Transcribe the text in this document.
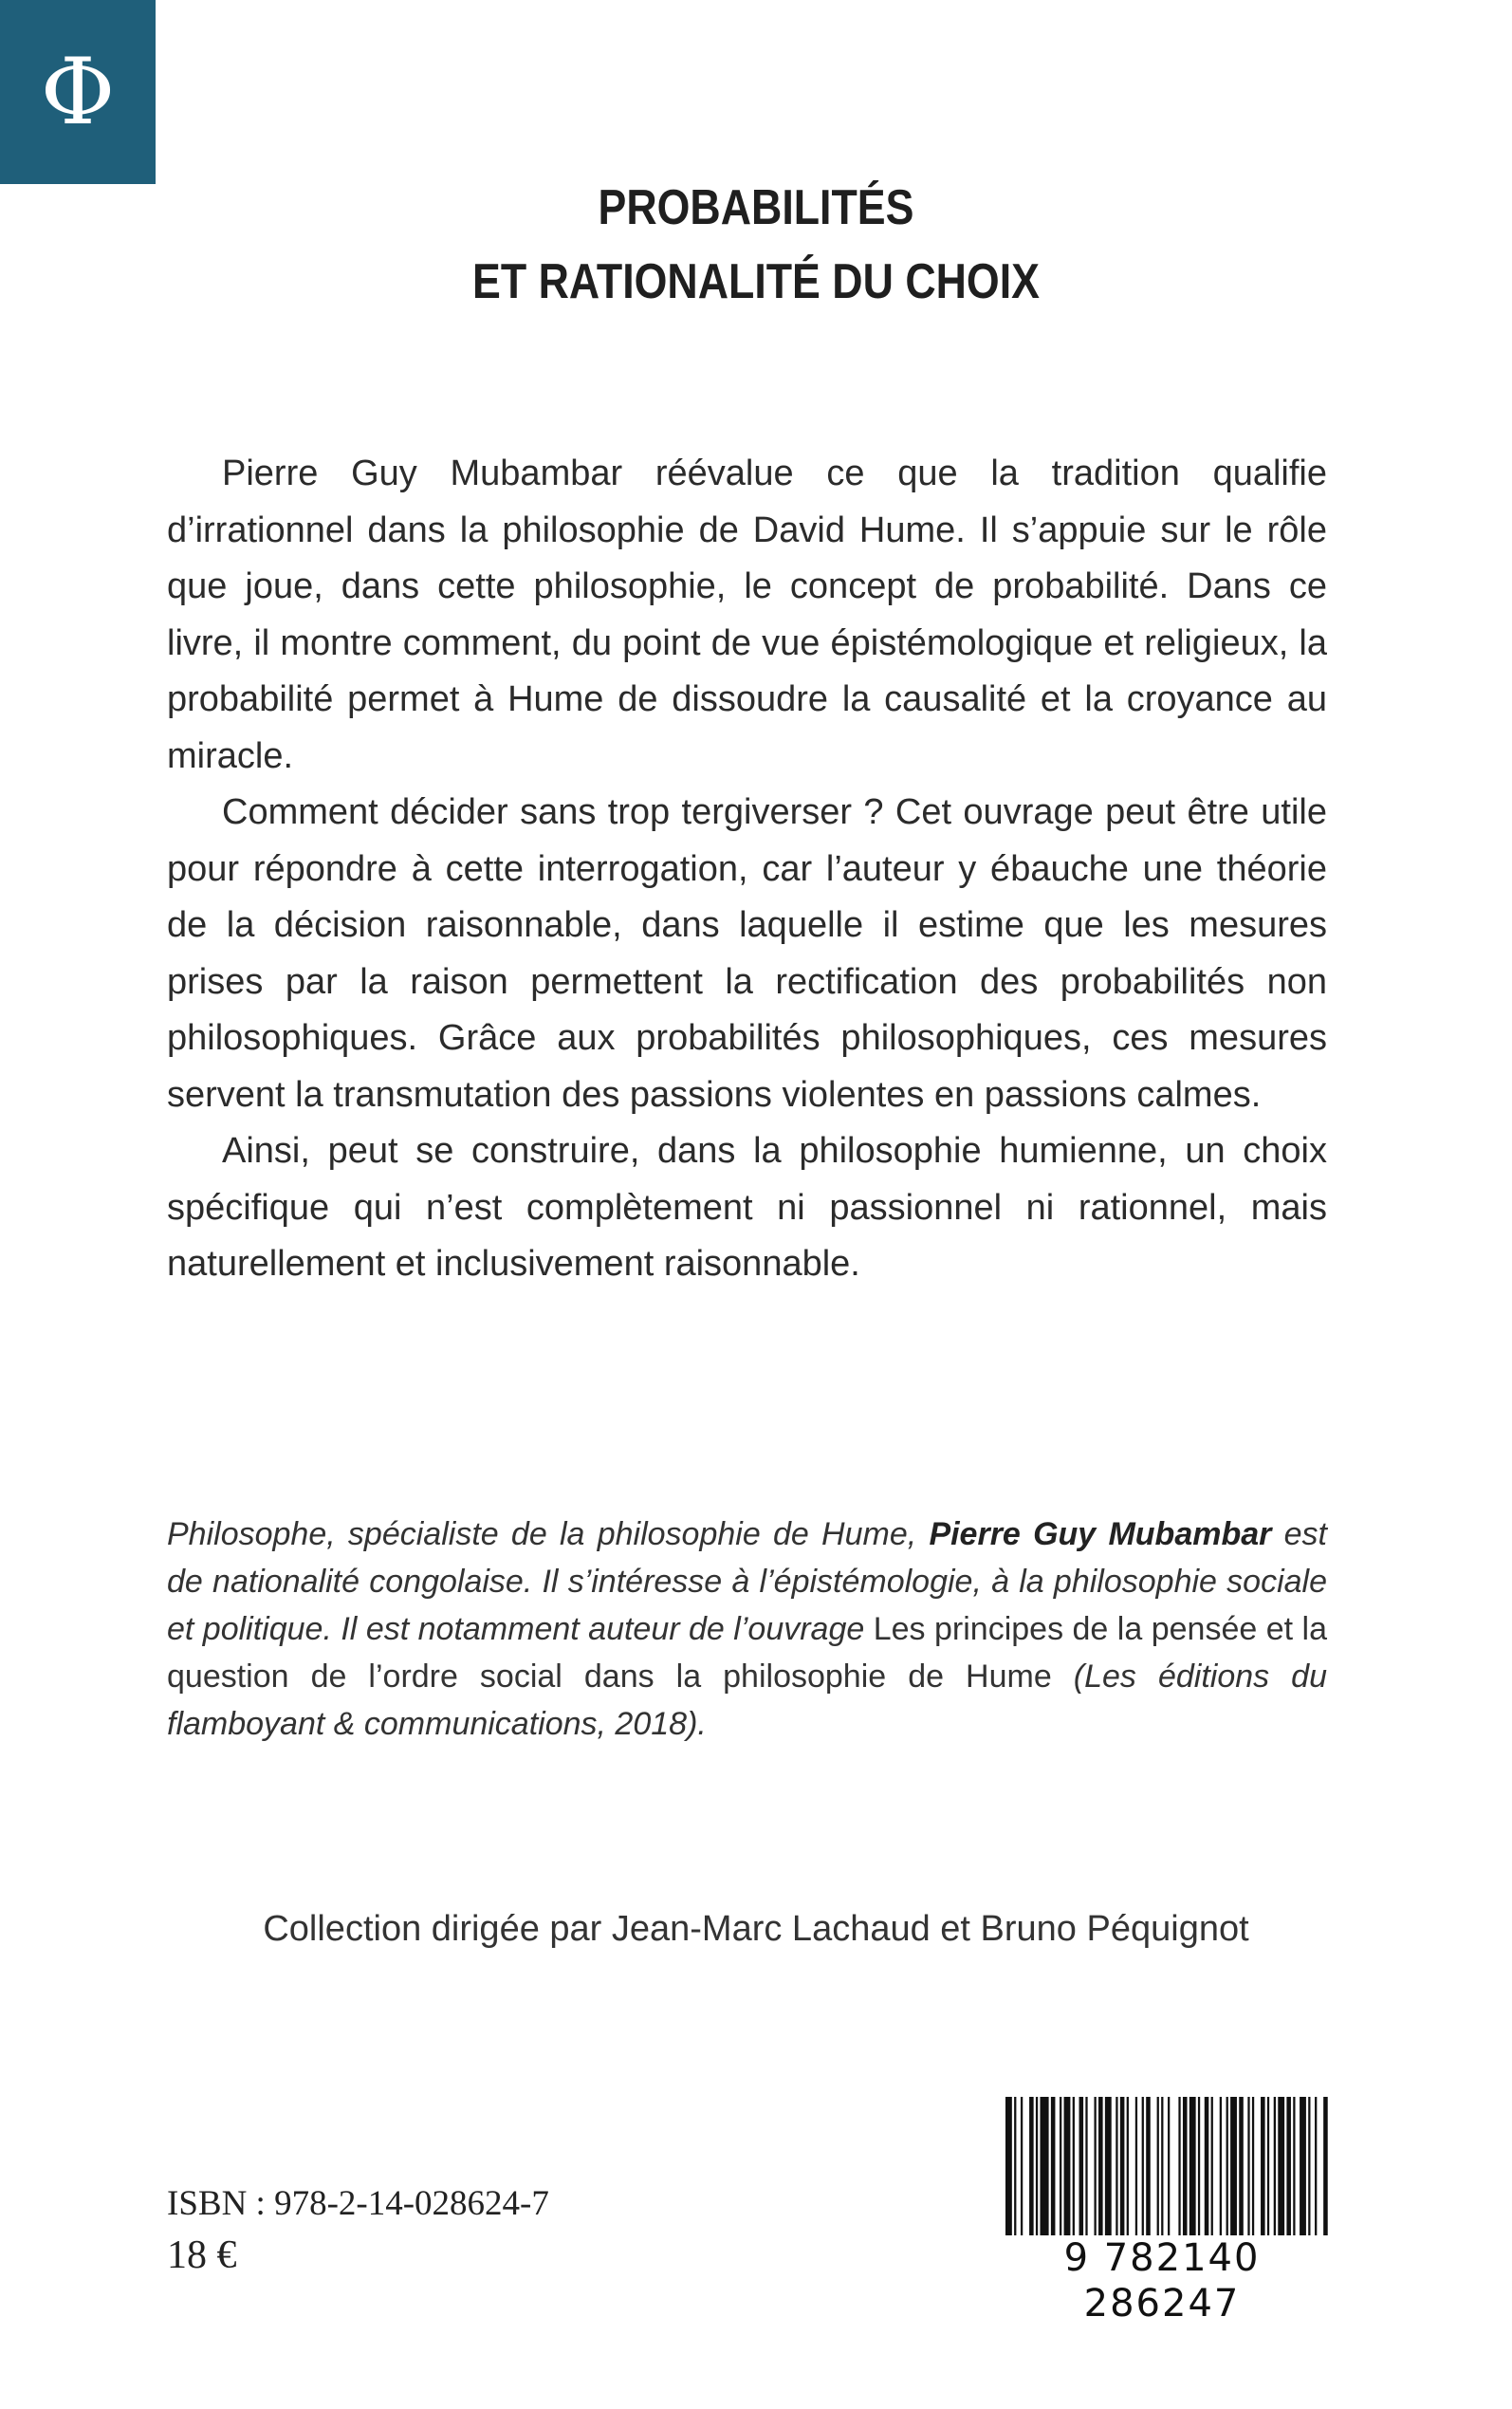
Φ
PROBABILITÉS
ET RATIONALITÉ DU CHOIX

Pierre Guy Mubambar réévalue ce que la tradition qualifie d’irrationnel dans la philosophie de David Hume. Il s’appuie sur le rôle que joue, dans cette philosophie, le concept de probabilité. Dans ce livre, il montre comment, du point de vue épistémologique et religieux, la probabilité permet à Hume de dissoudre la causalité et la croyance au miracle.

Comment décider sans trop tergiverser ? Cet ouvrage peut être utile pour répondre à cette interrogation, car l’auteur y ébauche une théorie de la décision raisonnable, dans laquelle il estime que les mesures prises par la raison permettent la rectification des probabilités non philosophiques. Grâce aux probabilités philosophiques, ces mesures servent la transmutation des passions violentes en passions calmes.

Ainsi, peut se construire, dans la philosophie humienne, un choix spécifique qui n’est complètement ni passionnel ni rationnel, mais naturellement et inclusivement raisonnable.

Philosophe, spécialiste de la philosophie de Hume, Pierre Guy Mubambar est de nationalité congolaise. Il s’intéresse à l’épistémologie, à la philosophie sociale et politique. Il est notamment auteur de l’ouvrage Les principes de la pensée et la question de l’ordre social dans la philosophie de Hume (Les éditions du flamboyant & communications, 2018).

Collection dirigée par Jean-Marc Lachaud et Bruno Péquignot
ISBN : 978-2-14-028624-7
18 €	9 782140 286247
